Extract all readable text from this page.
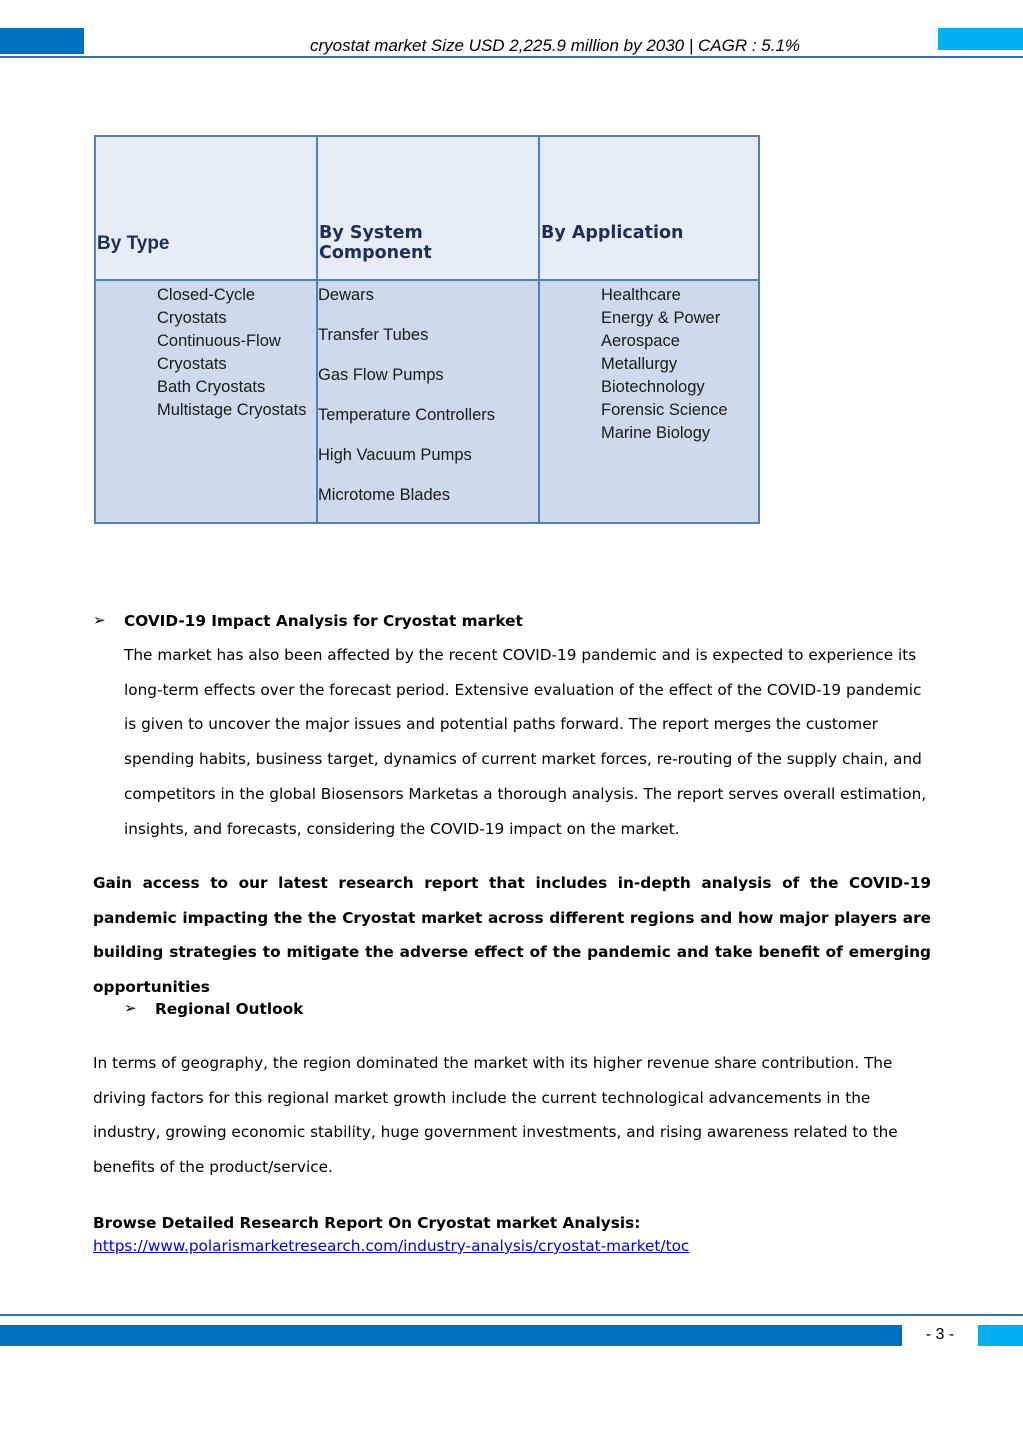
cryostat market Size USD 2,225.9 million by 2030 | CAGR : 5.1%
By Type	By System Component
By Application
Closed-Cycle Cryostats
Continuous-Flow Cryostats
Bath Cryostats
Multistage Cryostats
Dewars
Transfer Tubes
Gas Flow Pumps
Temperature Controllers
High Vacuum Pumps
Microtome Blades
Healthcare
Energy & Power
Aerospace
Metallurgy
Biotechnology
Forensic Science
Marine Biology
➢ COVID-19 Impact Analysis for Cryostat market
The market has also been affected by the recent COVID-19 pandemic and is expected to experience its long-term effects over the forecast period. Extensive evaluation of the effect of the COVID-19 pandemic is given to uncover the major issues and potential paths forward. The report merges the customer spending habits, business target, dynamics of current market forces, re-routing of the supply chain, and competitors in the global Biosensors Marketas a thorough analysis. The report serves overall estimation, insights, and forecasts, considering the COVID-19 impact on the market.
Gain access to our latest research report that includes in-depth analysis of the COVID-19 pandemic impacting the the Cryostat market across different regions and how major players are building strategies to mitigate the adverse effect of the pandemic and take benefit of emerging opportunities
➢ Regional Outlook
In terms of geography, the region dominated the market with its higher revenue share contribution. The driving factors for this regional market growth include the current technological advancements in the industry, growing economic stability, huge government investments, and rising awareness related to the benefits of the product/service.
Browse Detailed Research Report On Cryostat market Analysis:
https://www.polarismarketresearch.com/industry-analysis/cryostat-market/toc
- 3 -
